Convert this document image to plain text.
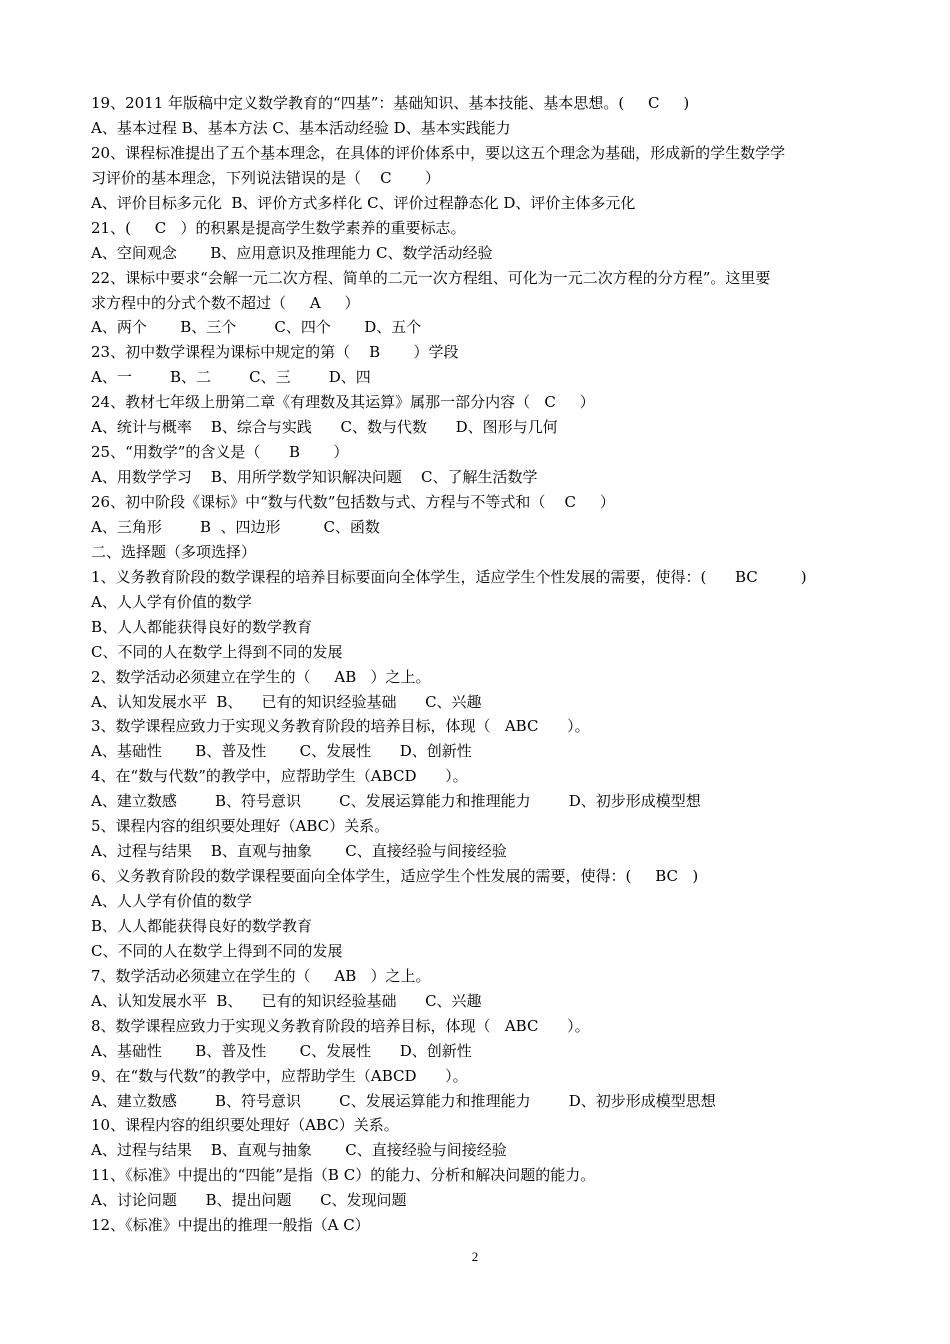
19、2011 年版稿中定义数学教育的“四基”：基础知识、基本技能、基本思想。(     C     )
A、基本过程 B、基本方法 C、基本活动经验 D、基本实践能力
20、课程标准提出了五个基本理念，在具体的评价体系中，要以这五个理念为基础，形成新的学生数学学
习评价的基本理念，下列说法错误的是（    C       ）
A、评价目标多元化  B、评价方式多样化 C、评价过程静态化 D、评价主体多元化
21、(     C   ）的积累是提高学生数学素养的重要标志。
A、空间观念       B、应用意识及推理能力 C、数学活动经验
22、课标中要求“会解一元二次方程、简单的二元一次方程组、可化为一元二次方程的分方程”。这里要
求方程中的分式个数不超过（     A     ）
A、两个       B、三个        C、四个       D、五个
23、初中数学课程为课标中规定的第（    B       ）学段
A、一        B、二        C、三        D、四
24、教材七年级上册第二章《有理数及其运算》属那一部分内容（   C     ）
A、统计与概率    B、综合与实践      C、数与代数      D、图形与几何
25、“用数学”的含义是（      B       ）
A、用数学学习    B、用所学数学知识解决问题    C、了解生活数学
26、初中阶段《课标》中“数与代数”包括数与式、方程与不等式和（    C     ）
A、三角形        B  、四边形         C、函数
二、选择题（多项选择）
1、义务教育阶段的数学课程的培养目标要面向全体学生，适应学生个性发展的需要，使得：(      BC         )
A、人人学有价值的数学
B、人人都能获得良好的数学教育
C、不同的人在数学上得到不同的发展
2、数学活动必须建立在学生的（     AB   ）之上。
A、认知发展水平  B、    已有的知识经验基础      C、兴趣
3、数学课程应致力于实现义务教育阶段的培养目标，体现（   ABC      ）。
A、基础性       B、普及性       C、发展性      D、创新性
4、在“数与代数”的教学中，应帮助学生（ABCD      ）。
A、建立数感        B、符号意识        C、发展运算能力和推理能力        D、初步形成模型想
5、课程内容的组织要处理好（ABC）关系。
A、过程与结果    B、直观与抽象       C、直接经验与间接经验
6、义务教育阶段的数学课程要面向全体学生，适应学生个性发展的需要，使得：(     BC   )
A、人人学有价值的数学
B、人人都能获得良好的数学教育
C、不同的人在数学上得到不同的发展
7、数学活动必须建立在学生的（     AB   ）之上。
A、认知发展水平  B、    已有的知识经验基础      C、兴趣
8、数学课程应致力于实现义务教育阶段的培养目标，体现（   ABC      ）。
A、基础性       B、普及性       C、发展性      D、创新性
9、在“数与代数”的教学中，应帮助学生（ABCD      ）。
A、建立数感        B、符号意识        C、发展运算能力和推理能力        D、初步形成模型思想
10、课程内容的组织要处理好（ABC）关系。
A、过程与结果    B、直观与抽象       C、直接经验与间接经验
11、《标准》中提出的“四能”是指（B C）的能力、分析和解决问题的能力。
A、讨论问题      B、提出问题      C、发现问题
12、《标准》中提出的推理一般指（A C）
2
